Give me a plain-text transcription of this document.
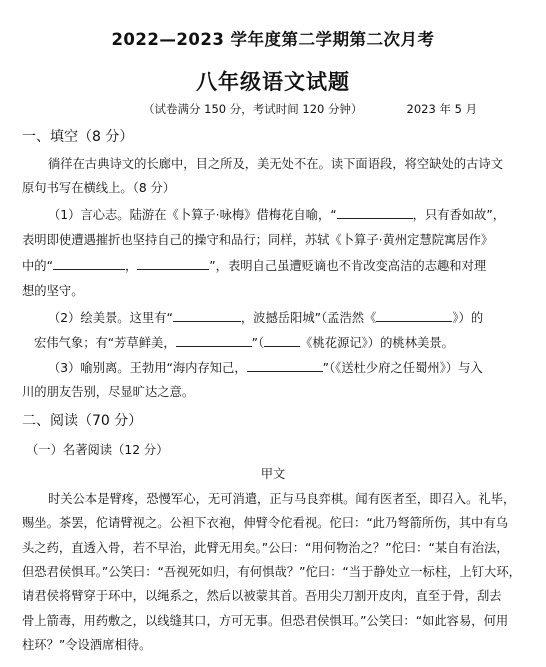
2022—2023 学年度第二学期第二次月考
八年级语文试题
（试卷满分 150 分，考试时间 120 分钟）	2023 年 5 月
一、填空（8 分）
徜徉在古典诗文的长廊中，目之所及，美无处不在。读下面语段，将空缺处的古诗文
原句书写在横线上。（8 分）
（1）言心志。陆游在《卜算子·咏梅》借梅花自喻，“	，只有香如故”，
表明即使遭遇摧折也坚持自己的操守和品行；同样，苏轼《卜算子·黄州定慧院寓居作》
中的“	，	”，表明自己虽遭贬谪也不肯改变高洁的志趣和对理
想的坚守。
（2）绘美景。这里有“	，波撼岳阳城”（孟浩然《	》）的
宏伟气象；有“芳草鲜美，	”（	《桃花源记》）的桃林美景。
（3）喻别离。王勃用“海内存知己，	”（《送杜少府之任蜀州》）与入
川的朋友告别，尽显旷达之意。
二、阅读（70 分）
（一）名著阅读（12 分）
甲文
时关公本是臂疼，恐慢军心，无可消遣，正与马良弈棋。闻有医者至，即召入。礼毕，
赐坐。茶罢，佗请臂视之。公袒下衣袍，伸臂令佗看视。佗曰：“此乃弩箭所伤，其中有乌
头之药，直透入骨，若不早治，此臂无用矣。”公曰：“用何物治之？”佗曰：“某自有治法，
但恐君侯惧耳。”公笑曰：“吾视死如归，有何惧哉？”佗曰：“当于静处立一标柱，上钉大环，
请君侯将臂穿于环中，以绳系之，然后以被蒙其首。吾用尖刀割开皮肉，直至于骨，刮去
骨上箭毒，用药敷之，以线缝其口，方可无事。但恐君侯惧耳。”公笑曰：“如此容易，何用
柱环？”令设酒席相待。
